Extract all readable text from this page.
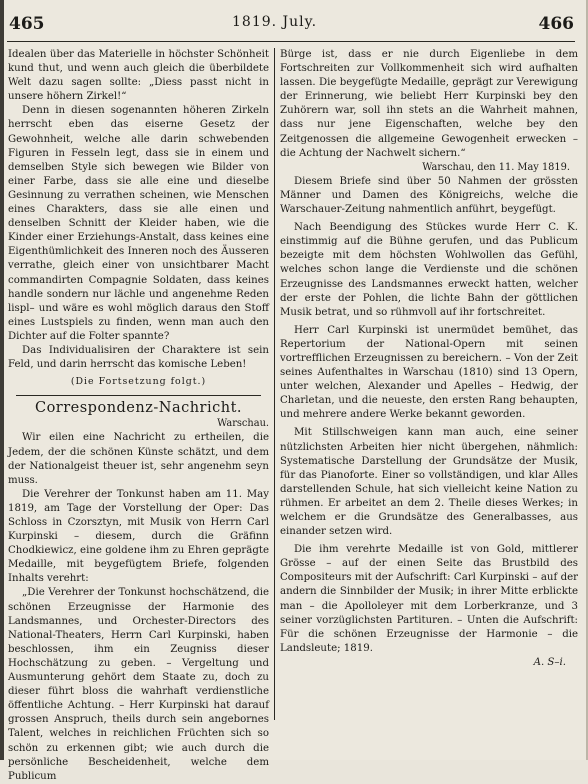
465	1819. July.	466

Idealen über das Materielle in höchster Schönheit kund thut, und wenn auch gleich die überbildete Welt dazu sagen sollte: „Diess passt nicht in unsere höhern Zirkel!“

Denn in diesen sogenannten höheren Zirkeln herrscht eben das eiserne Gesetz der Gewohnheit, welche alle darin schwebenden Figuren in Fesseln legt, dass sie in einem und demselben Style sich bewegen wie Bilder von einer Farbe, dass sie alle eine und dieselbe Gesinnung zu verrathen scheinen, wie Menschen eines Charakters, dass sie alle einen und denselben Schnitt der Kleider haben, wie die Kinder einer Erziehungs-Anstalt, dass keines eine Eigenthümlichkeit des Inneren noch des Äusseren verrathe, gleich einer von unsichtbarer Macht commandirten Compagnie Soldaten, dass keines handle sondern nur lächle und angenehme Reden lispl– und wäre es wohl möglich daraus den Stoff eines Lustspiels zu finden, wenn man auch den Dichter auf die Folter spannte?

Das Individualisiren der Charaktere ist sein Feld, und darin herrscht das komische Leben!

(Die Fortsetzung folgt.)

Correspondenz-Nachricht.

Warschau.

Wir eilen eine Nachricht zu ertheilen, die Jedem, der die schönen Künste schätzt, und dem der Nationalgeist theuer ist, sehr angenehm seyn muss.

Die Verehrer der Tonkunst haben am 11. May 1819, am Tage der Vorstellung der Oper: Das Schloss in Czorsztyn, mit Musik von Herrn Carl Kurpinski – diesem, durch die Gräfinn Chodkiewicz, eine goldene ihm zu Ehren geprägte Medaille, mit beygefügtem Briefe, folgenden Inhalts verehrt:

„Die Verehrer der Tonkunst hochschätzend, die schönen Erzeugnisse der Harmonie des Landsmannes, und Orchester-Directors des National-Theaters, Herrn Carl Kurpinski, haben beschlossen, ihm ein Zeugniss dieser Hochschätzung zu geben. – Vergeltung und Ausmunterung gehört dem Staate zu, doch zu dieser führt bloss die wahrhaft verdienstliche öffentliche Achtung. – Herr Kurpinski hat darauf grossen Anspruch, theils durch sein angebornes Talent, welches in reichlichen Früchten sich so schön zu erkennen gibt; wie auch durch die persönliche Bescheidenheit, welche dem Publicum

Bürge ist, dass er nie durch Eigenliebe in dem Fortschreiten zur Vollkommenheit sich wird aufhalten lassen. Die beygefügte Medaille, geprägt zur Verewigung der Erinnerung, wie beliebt Herr Kurpinski bey den Zuhörern war, soll ihn stets an die Wahrheit mahnen, dass nur jene Eigenschaften, welche bey den Zeitgenossen die allgemeine Gewogenheit erwecken – die Achtung der Nachwelt sichern.“

Warschau, den 11. May 1819.

Diesem Briefe sind über 50 Nahmen der grössten Männer und Damen des Königreichs, welche die Warschauer-Zeitung nahmentlich anführt, beygefügt.

Nach Beendigung des Stückes wurde Herr C. K. einstimmig auf die Bühne gerufen, und das Publicum bezeigte mit dem höchsten Wohlwollen das Gefühl, welches schon lange die Verdienste und die schönen Erzeugnisse des Landsmannes erweckt hatten, welcher der erste der Pohlen, die lichte Bahn der göttlichen Musik betrat, und so rühmvoll auf ihr fortschreitet.

Herr Carl Kurpinski ist unermüdet bemühet, das Repertorium der National-Opern mit seinen vortrefflichen Erzeugnissen zu bereichern. – Von der Zeit seines Aufenthaltes in Warschau (1810) sind 13 Opern, unter welchen, Alexander und Apelles – Hedwig, der Charletan, und die neueste, den ersten Rang behaupten, und mehrere andere Werke bekannt geworden.

Mit Stillschweigen kann man auch, eine seiner nützlichsten Arbeiten hier nicht übergehen, nähmlich: Systematische Darstellung der Grundsätze der Musik, für das Pianoforte. Einer so vollständigen, und klar Alles darstellenden Schule, hat sich vielleicht keine Nation zu rühmen. Er arbeitet an dem 2. Theile dieses Werkes; in welchem er die Grundsätze des Generalbasses, aus einander setzen wird.

Die ihm verehrte Medaille ist von Gold, mittlerer Grösse – auf der einen Seite das Brustbild des Compositeurs mit der Aufschrift: Carl Kurpinski – auf der andern die Sinnbilder der Musik; in ihrer Mitte erblickte man – die Apolloleyer mit dem Lorberkranze, und 3 seiner vorzüglichsten Partituren. – Unten die Aufschrift: Für die schönen Erzeugnisse der Harmonie – die Landsleute; 1819.

A. S–i.
